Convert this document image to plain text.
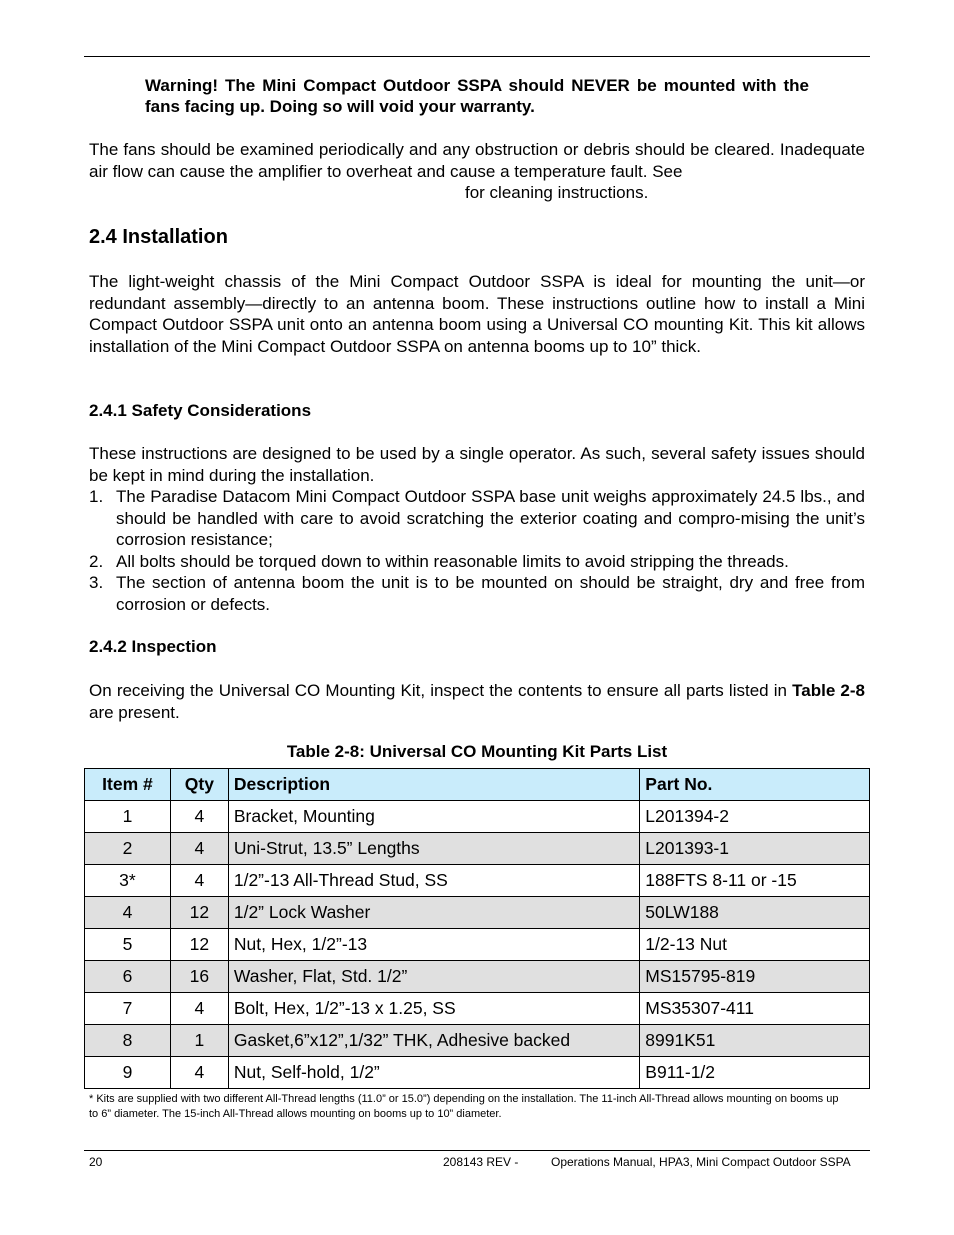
Warning! The Mini Compact Outdoor SSPA should NEVER be mounted with the fans facing up. Doing so will void your warranty.
The fans should be examined periodically and any obstruction or debris should be cleared. Inadequate air flow can cause the amplifier to overheat and cause a temperature fault. See
for cleaning instructions.
2.4 Installation
The light-weight chassis of the Mini Compact Outdoor SSPA is ideal for mounting the unit—or redundant assembly—directly to an antenna boom. These instructions outline how to install a Mini Compact Outdoor SSPA unit onto an antenna boom using a Universal CO mounting Kit. This kit allows installation of the Mini Compact Outdoor SSPA on antenna booms up to 10” thick.
2.4.1 Safety Considerations
These instructions are designed to be used by a single operator. As such, several safety issues should be kept in mind during the installation.
1. The Paradise Datacom Mini Compact Outdoor SSPA base unit weighs approximately 24.5 lbs., and should be handled with care to avoid scratching the exterior coating and compro-mising the unit’s corrosion resistance;
2. All bolts should be torqued down to within reasonable limits to avoid stripping the threads.
3. The section of antenna boom the unit is to be mounted on should be straight, dry and free from corrosion or defects.
2.4.2 Inspection
On receiving the Universal CO Mounting Kit, inspect the contents to ensure all parts listed in Table 2-8 are present.
Table 2-8: Universal CO Mounting Kit Parts List
Item #	Qty	Description	Part No.
1	4	Bracket, Mounting	L201394-2
2	4	Uni-Strut, 13.5” Lengths	L201393-1
3*	4	1/2”-13 All-Thread Stud, SS	188FTS 8-11 or -15
4	12	1/2” Lock Washer	50LW188
5	12	Nut, Hex, 1/2”-13	1/2-13 Nut
6	16	Washer, Flat, Std. 1/2”	MS15795-819
7	4	Bolt, Hex, 1/2”-13 x 1.25, SS	MS35307-411
8	1	Gasket,6”x12”,1/32” THK, Adhesive backed	8991K51
9	4	Nut, Self-hold, 1/2”	B911-1/2
* Kits are supplied with two different All-Thread lengths (11.0” or 15.0”) depending on the installation. The 11-inch All-Thread allows mounting on booms up to 6” diameter. The 15-inch All-Thread allows mounting on booms up to 10” diameter.
20	208143 REV -	Operations Manual, HPA3, Mini Compact Outdoor SSPA
